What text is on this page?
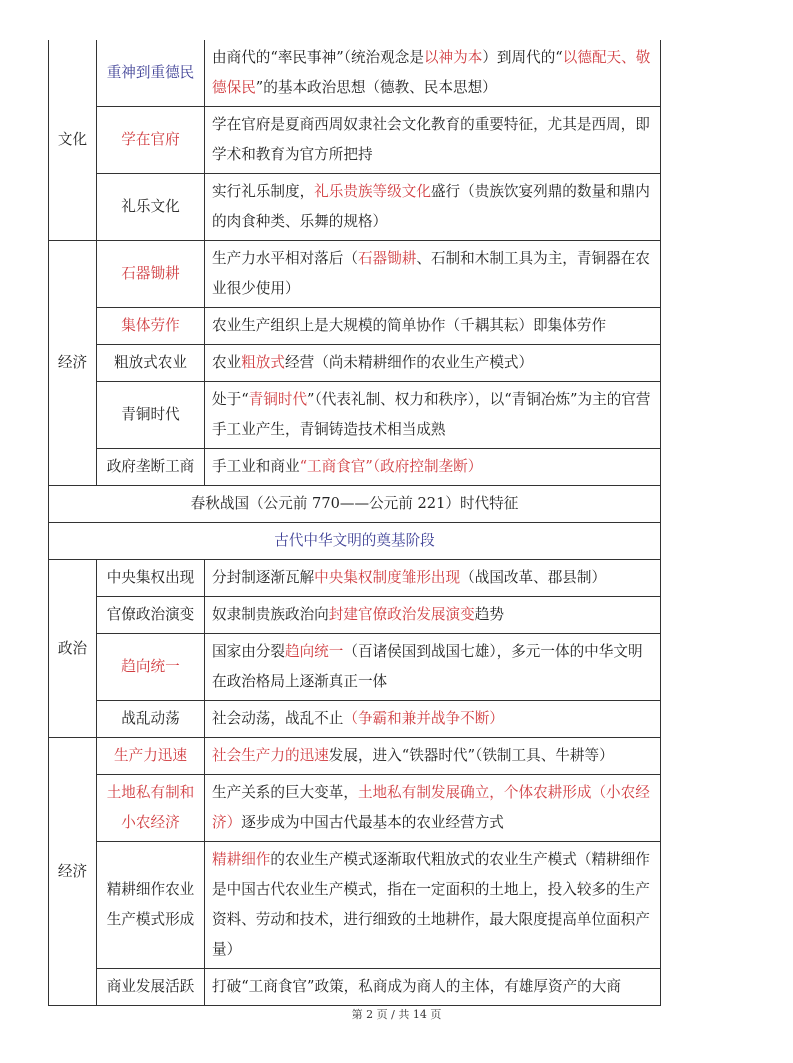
文化	重神到重德民	由商代的“率民事神”（统治观念是以神为本）到周代的“以德配天、敬德保民”的基本政治思想（德教、民本思想）
	学在官府	学在官府是夏商西周奴隶社会文化教育的重要特征，尤其是西周，即学术和教育为官方所把持
	礼乐文化	实行礼乐制度，礼乐贵族等级文化盛行（贵族饮宴列鼎的数量和鼎内的肉食种类、乐舞的规格）
经济	石器锄耕	生产力水平相对落后（石器锄耕、石制和木制工具为主，青铜器在农业很少使用）
	集体劳作	农业生产组织上是大规模的简单协作（千耦其耘）即集体劳作
	粗放式农业	农业粗放式经营（尚未精耕细作的农业生产模式）
	青铜时代	处于“青铜时代”（代表礼制、权力和秩序），以“青铜冶炼”为主的官营手工业产生，青铜铸造技术相当成熟
	政府垄断工商	手工业和商业“工商食官”（政府控制垄断）
春秋战国（公元前 770——公元前 221）时代特征		
古代中华文明的奠基阶段		
政治	中央集权出现	分封制逐渐瓦解中央集权制度雏形出现（战国改革、郡县制）
	官僚政治演变	奴隶制贵族政治向封建官僚政治发展演变趋势
	趋向统一	国家由分裂趋向统一（百诸侯国到战国七雄），多元一体的中华文明在政治格局上逐渐真正一体
	战乱动荡	社会动荡，战乱不止（争霸和兼并战争不断）
经济	生产力迅速	社会生产力的迅速发展，进入“铁器时代”（铁制工具、牛耕等）
	土地私有制和小农经济	生产关系的巨大变革，土地私有制发展确立，个体农耕形成（小农经济）逐步成为中国古代最基本的农业经营方式
	精耕细作农业生产模式形成	精耕细作的农业生产模式逐渐取代粗放式的农业生产模式（精耕细作是中国古代农业生产模式，指在一定面积的土地上，投入较多的生产资料、劳动和技术，进行细致的土地耕作，最大限度提高单位面积产量）
	商业发展活跃	打破“工商食官”政策，私商成为商人的主体，有雄厚资产的大商
第 2 页 / 共 14 页
